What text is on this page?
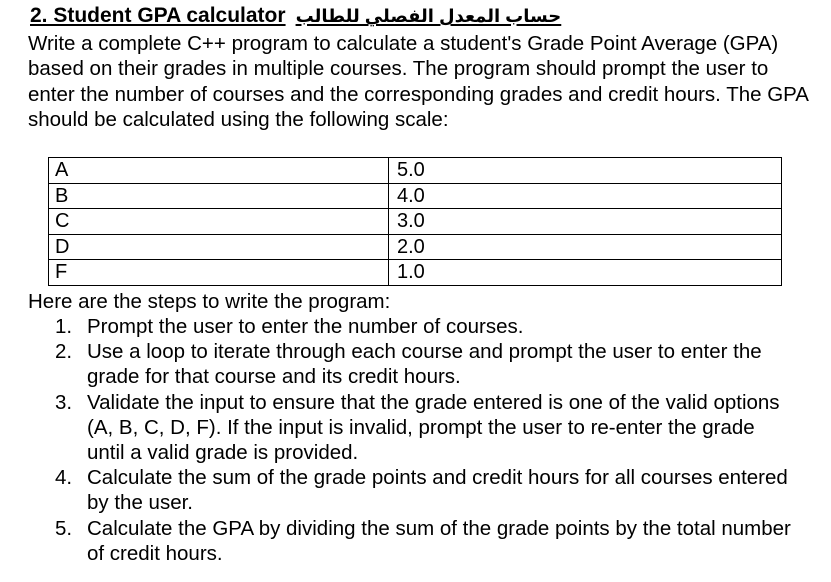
2. Student GPA calculator حساب المعدل الفصلي للطالب

Write a complete C++ program to calculate a student's Grade Point Average (GPA) based on their grades in multiple courses. The program should prompt the user to enter the number of courses and the corresponding grades and credit hours. The GPA should be calculated using the following scale:

A	5.0
B	4.0
C	3.0
D	2.0
F	1.0
Here are the steps to write the program:
1. Prompt the user to enter the number of courses.
2. Use a loop to iterate through each course and prompt the user to enter the grade for that course and its credit hours.
3. Validate the input to ensure that the grade entered is one of the valid options (A, B, C, D, F). If the input is invalid, prompt the user to re-enter the grade until a valid grade is provided.
4. Calculate the sum of the grade points and credit hours for all courses entered by the user.
5. Calculate the GPA by dividing the sum of the grade points by the total number of credit hours.
